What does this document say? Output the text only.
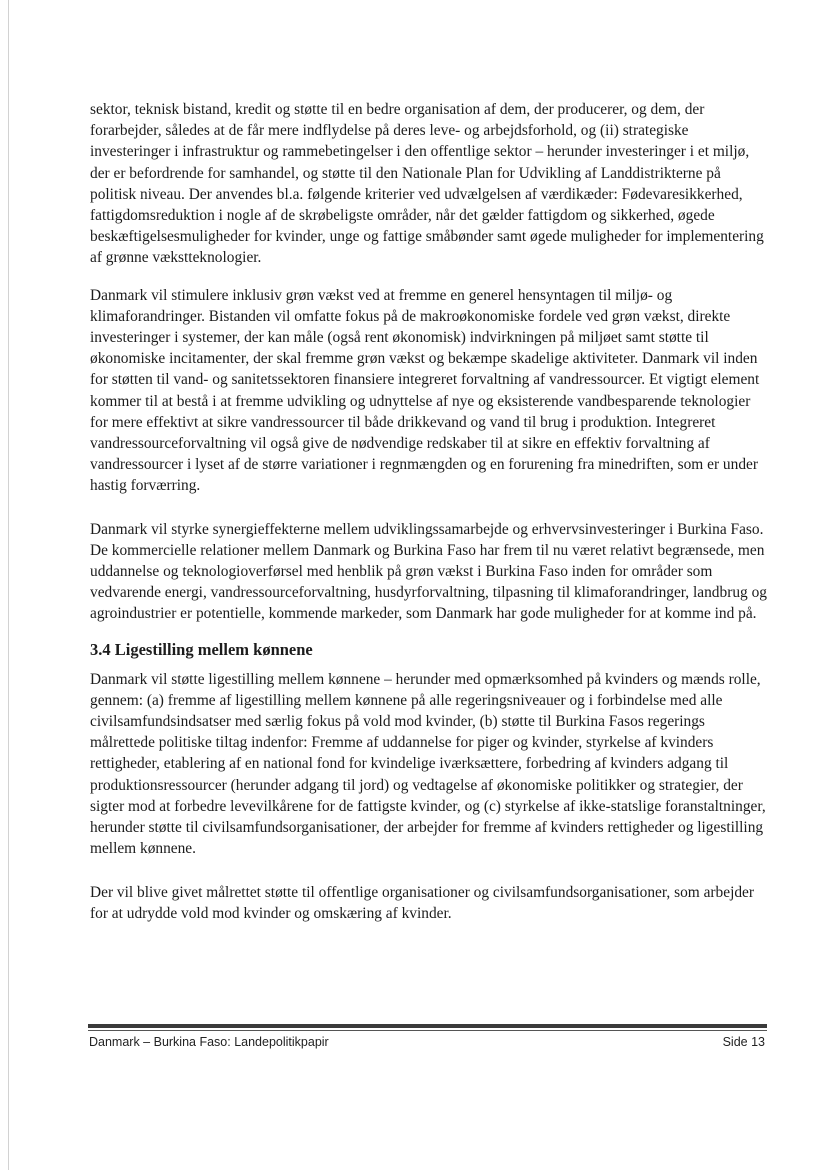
sektor, teknisk bistand, kredit og støtte til en bedre organisation af dem, der producerer, og dem, der forarbejder, således at de får mere indflydelse på deres leve- og arbejdsforhold, og (ii) strategiske investeringer i infrastruktur og rammebetingelser i den offentlige sektor – herunder investeringer i et miljø, der er befordrende for samhandel, og støtte til den Nationale Plan for Udvikling af Landdistrikterne på politisk niveau. Der anvendes bl.a. følgende kriterier ved udvælgelsen af værdikæder: Fødevaresikkerhed, fattigdomsreduktion i nogle af de skrøbeligste områder, når det gælder fattigdom og sikkerhed, øgede beskæftigelsesmuligheder for kvinder, unge og fattige småbønder samt øgede muligheder for implementering af grønne vækstteknologier.

Danmark vil stimulere inklusiv grøn vækst ved at fremme en generel hensyntagen til miljø- og klimaforandringer. Bistanden vil omfatte fokus på de makroøkonomiske fordele ved grøn vækst, direkte investeringer i systemer, der kan måle (også rent økonomisk) indvirkningen på miljøet samt støtte til økonomiske incitamenter, der skal fremme grøn vækst og bekæmpe skadelige aktiviteter. Danmark vil inden for støtten til vand- og sanitetssektoren finansiere integreret forvaltning af vandressourcer. Et vigtigt element kommer til at bestå i at fremme udvikling og udnyttelse af nye og eksisterende vandbesparende teknologier for mere effektivt at sikre vandressourcer til både drikkevand og vand til brug i produktion. Integreret vandressourceforvaltning vil også give de nødvendige redskaber til at sikre en effektiv forvaltning af vandressourcer i lyset af de større variationer i regnmængden og en forurening fra minedriften, som er under hastig forværring.

Danmark vil styrke synergieffekterne mellem udviklingssamarbejde og erhvervsinvesteringer i Burkina Faso. De kommercielle relationer mellem Danmark og Burkina Faso har frem til nu været relativt begrænsede, men uddannelse og teknologioverførsel med henblik på grøn vækst i Burkina Faso inden for områder som vedvarende energi, vandressourceforvaltning, husdyrforvaltning, tilpasning til klimaforandringer, landbrug og agroindustrier er potentielle, kommende markeder, som Danmark har gode muligheder for at komme ind på.

3.4 Ligestilling mellem kønnene

Danmark vil støtte ligestilling mellem kønnene – herunder med opmærksomhed på kvinders og mænds rolle, gennem: (a) fremme af ligestilling mellem kønnene på alle regeringsniveauer og i forbindelse med alle civilsamfundsindsatser med særlig fokus på vold mod kvinder, (b) støtte til Burkina Fasos regerings målrettede politiske tiltag indenfor: Fremme af uddannelse for piger og kvinder, styrkelse af kvinders rettigheder, etablering af en national fond for kvindelige iværksættere, forbedring af kvinders adgang til produktionsressourcer (herunder adgang til jord) og vedtagelse af økonomiske politikker og strategier, der sigter mod at forbedre levevilkårene for de fattigste kvinder, og (c) styrkelse af ikke-statslige foranstaltninger, herunder støtte til civilsamfundsorganisationer, der arbejder for fremme af kvinders rettigheder og ligestilling mellem kønnene.

Der vil blive givet målrettet støtte til offentlige organisationer og civilsamfundsorganisationer, som arbejder for at udrydde vold mod kvinder og omskæring af kvinder.

Danmark – Burkina Faso: Landepolitikpapir	Side 13
